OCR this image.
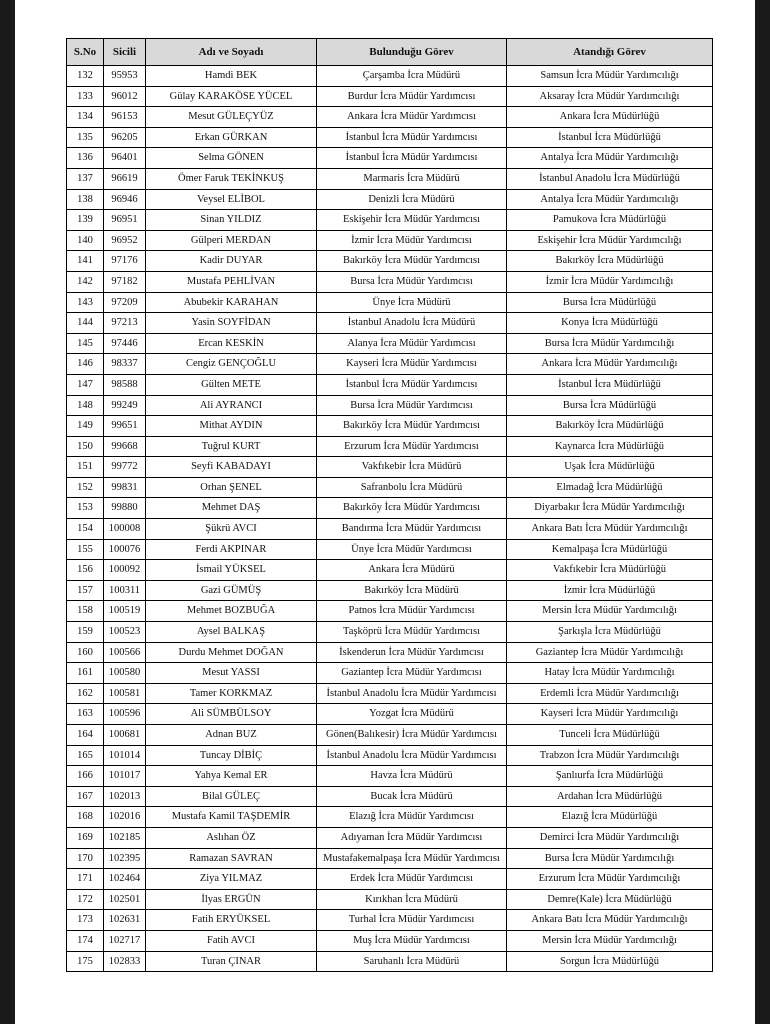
S.No	Sicili	Adı ve Soyadı	Bulunduğu Görev	Atandığı Görev
132	95953	Hamdi BEK	Çarşamba İcra Müdürü	Samsun İcra Müdür Yardımcılığı
133	96012	Gülay KARAKÖSE YÜCEL	Burdur İcra Müdür Yardımcısı	Aksaray İcra Müdür Yardımcılığı
134	96153	Mesut GÜLEÇYÜZ	Ankara İcra Müdür Yardımcısı	Ankara İcra Müdürlüğü
135	96205	Erkan GÜRKAN	İstanbul İcra Müdür Yardımcısı	İstanbul İcra Müdürlüğü
136	96401	Selma GÖNEN	İstanbul İcra Müdür Yardımcısı	Antalya İcra Müdür Yardımcılığı
137	96619	Ömer Faruk TEKİNKUŞ	Marmaris İcra Müdürü	İstanbul Anadolu İcra Müdürlüğü
138	96946	Veysel ELİBOL	Denizli İcra Müdürü	Antalya İcra Müdür Yardımcılığı
139	96951	Sinan YILDIZ	Eskişehir İcra Müdür Yardımcısı	Pamukova İcra Müdürlüğü
140	96952	Gülperi MERDAN	İzmir İcra Müdür Yardımcısı	Eskişehir İcra Müdür Yardımcılığı
141	97176	Kadir DUYAR	Bakırköy İcra Müdür Yardımcısı	Bakırköy İcra Müdürlüğü
142	97182	Mustafa PEHLİVAN	Bursa İcra Müdür Yardımcısı	İzmir İcra Müdür Yardımcılığı
143	97209	Abubekir KARAHAN	Ünye İcra Müdürü	Bursa İcra Müdürlüğü
144	97213	Yasin SOYFİDAN	İstanbul Anadolu İcra Müdürü	Konya İcra Müdürlüğü
145	97446	Ercan KESKİN	Alanya İcra Müdür Yardımcısı	Bursa İcra Müdür Yardımcılığı
146	98337	Cengiz GENÇOĞLU	Kayseri İcra Müdür Yardımcısı	Ankara İcra Müdür Yardımcılığı
147	98588	Gülten METE	İstanbul İcra Müdür Yardımcısı	İstanbul İcra Müdürlüğü
148	99249	Ali AYRANCI	Bursa İcra Müdür Yardımcısı	Bursa İcra Müdürlüğü
149	99651	Mithat AYDIN	Bakırköy İcra Müdür Yardımcısı	Bakırköy İcra Müdürlüğü
150	99668	Tuğrul KURT	Erzurum İcra Müdür Yardımcısı	Kaynarca İcra Müdürlüğü
151	99772	Seyfi KABADAYI	Vakfıkebir İcra Müdürü	Uşak İcra Müdürlüğü
152	99831	Orhan ŞENEL	Safranbolu İcra Müdürü	Elmadağ İcra Müdürlüğü
153	99880	Mehmet DAŞ	Bakırköy İcra Müdür Yardımcısı	Diyarbakır İcra Müdür Yardımcılığı
154	100008	Şükrü AVCI	Bandırma İcra Müdür Yardımcısı	Ankara Batı İcra Müdür Yardımcılığı
155	100076	Ferdi AKPINAR	Ünye İcra Müdür Yardımcısı	Kemalpaşa İcra Müdürlüğü
156	100092	İsmail YÜKSEL	Ankara İcra Müdürü	Vakfıkebir İcra Müdürlüğü
157	100311	Gazi GÜMÜŞ	Bakırköy İcra Müdürü	İzmir İcra Müdürlüğü
158	100519	Mehmet BOZBUĞA	Patnos İcra Müdür Yardımcısı	Mersin İcra Müdür Yardımcılığı
159	100523	Aysel BALKAŞ	Taşköprü İcra Müdür Yardımcısı	Şarkışla İcra Müdürlüğü
160	100566	Durdu Mehmet DOĞAN	İskenderun İcra Müdür Yardımcısı	Gaziantep İcra Müdür Yardımcılığı
161	100580	Mesut YASSI	Gaziantep İcra Müdür Yardımcısı	Hatay İcra Müdür Yardımcılığı
162	100581	Tamer KORKMAZ	İstanbul Anadolu İcra Müdür Yardımcısı	Erdemli İcra Müdür Yardımcılığı
163	100596	Ali SÜMBÜLSOY	Yozgat İcra Müdürü	Kayseri İcra Müdür Yardımcılığı
164	100681	Adnan BUZ	Gönen(Balıkesir) İcra Müdür Yardımcısı	Tunceli İcra Müdürlüğü
165	101014	Tuncay DİBİÇ	İstanbul Anadolu İcra Müdür Yardımcısı	Trabzon İcra Müdür Yardımcılığı
166	101017	Yahya Kemal ER	Havza İcra Müdürü	Şanlıurfa İcra Müdürlüğü
167	102013	Bilal GÜLEÇ	Bucak İcra Müdürü	Ardahan İcra Müdürlüğü
168	102016	Mustafa Kamil TAŞDEMİR	Elazığ İcra Müdür Yardımcısı	Elazığ İcra Müdürlüğü
169	102185	Aslıhan ÖZ	Adıyaman İcra Müdür Yardımcısı	Demirci İcra Müdür Yardımcılığı
170	102395	Ramazan SAVRAN	Mustafakemalpaşa İcra Müdür Yardımcısı	Bursa İcra Müdür Yardımcılığı
171	102464	Ziya YILMAZ	Erdek İcra Müdür Yardımcısı	Erzurum İcra Müdür Yardımcılığı
172	102501	İlyas ERGÜN	Kırıkhan İcra Müdürü	Demre(Kale) İcra Müdürlüğü
173	102631	Fatih ERYÜKSEL	Turhal İcra Müdür Yardımcısı	Ankara Batı İcra Müdür Yardımcılığı
174	102717	Fatih AVCI	Muş İcra Müdür Yardımcısı	Mersin İcra Müdür Yardımcılığı
175	102833	Turan ÇINAR	Saruhanlı İcra Müdürü	Sorgun İcra Müdürlüğü
